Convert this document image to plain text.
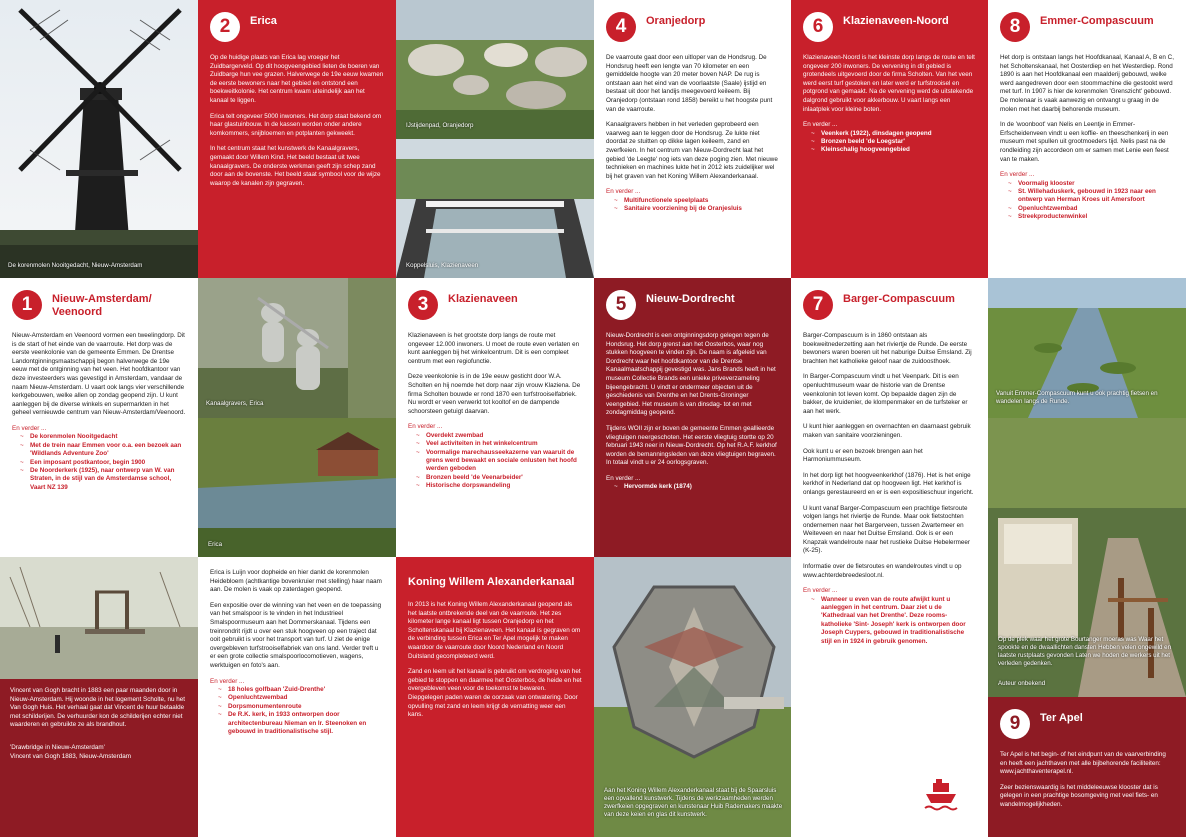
De korenmolen Nooitgedacht, Nieuw-Amsterdam
2	Erica

Op de huidige plaats van Erica lag vroeger het Zuidbargerveld. Op dit hoogveengebied lieten de boeren van Zuidbarge hun vee grazen. Halverwege de 19e eeuw kwamen de eerste bewoners naar het gebied en ontstond een boekweitkolonie. Het centrum kwam uiteindelijk aan het kanaal te liggen.

Erica telt ongeveer 5000 inwoners. Het dorp staat bekend om haar glastuinbouw. In de kassen worden onder andere komkommers, snijbloemen en potplanten gekweekt.

In het centrum staat het kunstwerk de Kanaalgravers, gemaakt door Willem Kind. Het beeld bestaat uit twee kanaalgravers. De onderste werkman geeft zijn schep zand door aan de bovenste. Het beeld staat symbool voor de wijze waarop de kanalen zijn gegraven.

IJstijdenpad, Oranjedorp
Koppelsluis, Klazienaveen
4	Oranjedorp

De vaarroute gaat door een uitloper van de Hondsrug. De Hondsrug heeft een lengte van 70 kilometer en een gemiddelde hoogte van 20 meter boven NAP. De rug is ontstaan aan het eind van de voorlaatste (Saale) ijstijd en bestaat uit door het landijs meegevoerd keileem. Bij Oranjedorp (ontstaan rond 1858) bereikt u het hoogste punt van de vaarroute.

Kanaalgravers hebben in het verleden geprobeerd een vaarweg aan te leggen door de Hondsrug. Ze lukte niet doordat ze stuitten op dikke lagen keileem, zand en zwerfkeien. In het centrum van Nieuw-Dordrecht laat het gebied 'de Leegte' nog iets van deze poging zien. Met nieuwe technieken en machines lukte het in 2012 iets zuidelijker wel bij het graven van het Koning Willem Alexanderkanaal.

En verder ...
~ Multifunctionele speelplaats
~ Sanitaire voorziening bij de Oranjesluis
6	Klazienaveen-Noord

Klazienaveen-Noord is het kleinste dorp langs de route en telt ongeveer 200 inwoners. De vervening in dit gebied is grotendeels uitgevoerd door de firma Scholten. Van het veen werd eerst turf gestoken en later werd er turfstrooisel en potgrond van gemaakt. Na de vervening werd de uitstekende dalgrond gebruikt voor akkerbouw. U vaart langs een inlaatplek voor kleine boten.

En verder ...
~ Veenkerk (1922), dinsdagen geopend
~ Bronzen beeld 'de Loegstar'
~ Kleinschalig hoogveengebied
8	Emmer-Compascuum

Het dorp is ontstaan langs het Hoofdkanaal, Kanaal A, B en C, het Scholtenskanaal, het Oosterdiep en het Westerdiep. Rond 1890 is aan het Hoofdkanaal een maalderij gebouwd, welke werd aangedreven door een stoommachine die gestookt werd met turf. In 1907 is hier de korenmolen 'Grenszicht' gebouwd. De molenaar is vaak aanwezig en ontvangt u graag in de molen met het daarbij behorende museum.

In de 'woonboot' van Nelis en Leentje in Emmer-Erfscheidenveen vindt u een koffie- en theeschenkerij in een museum met spullen uit grootmoeders tijd. Nelis past na de rondleiding zijn accordeon om er samen met Lenie een feest van te maken.

En verder ...
~ Voormalig klooster
~ St. Willehaduskerk, gebouwd in 1923 naar een ontwerp van Herman Kroes uit Amersfoort
~ Openluchtzwembad
~ Streekproductenwinkel
1	Nieuw-Amsterdam/ Veenoord

Nieuw-Amsterdam en Veenoord vormen een tweelingdorp. Dit is de start of het einde van de vaarroute. Het dorp was de eerste veenkolonie van de gemeente Emmen. De Drentse Landontginningsmaatschappij begon halverwege de 19e eeuw met de ontginning van het veen. Het hoofdkantoor van deze investeerders was gevestigd in Amsterdam, vandaar de naam Nieuw-Amsterdam. U vaart ook langs vier verschillende kerkgebouwen, welke allen op zondag geopend zijn. U kunt aanleggen bij de diverse winkels en supermarkten in het geheel vernieuwde centrum van Nieuw-Amsterdam/Veenoord.

En verder ...
~ De korenmolen Nooitgedacht
~ Met de trein naar Emmen voor o.a. een bezoek aan 'Wildlands Adventure Zoo'
~ Een imposant postkantoor, begin 1900
~ De Noorderkerk (1925), naar ontwerp van W. van Straten, in de stijl van de Amsterdamse school, Vaart NZ 139
Kanaalgravers, Erica
Erica
3	Klazienaveen

Klazienaveen is het grootste dorp langs de route met ongeveer 12.000 inwoners. U moet de route even verlaten en kunt aanleggen bij het winkelcentrum. Dit is een compleet centrum met een regiofunctie.

Deze veenkolonie is in de 19e eeuw gesticht door W.A. Scholten en hij noemde het dorp naar zijn vrouw Klaziena. De firma Scholten bouwde er rond 1870 een turfstrooiselfabriek. Nu wordt er veen verwerkt tot kooltof en de dampende schoorsteen getuigt daarvan.

En verder ...
~ Overdekt zwembad
~ Veel activiteiten in het winkelcentrum
~ Voormalige marechausseekazerne van waaruit de grens werd bewaakt en sociale onlusten het hoofd werden geboden
~ Bronzen beeld 'de Veenarbeider'
~ Historische dorpswandeling
5	Nieuw-Dordrecht

Nieuw-Dordrecht is een ontginningsdorp gelegen tegen de Hondsrug. Het dorp grenst aan het Oosterbos, waar nog stukken hoogveen te vinden zijn. De naam is afgeleid van Dordrecht waar het hoofdkantoor van de Drentse Kanaalmaatschappij gevestigd was. Jans Brands heeft in het museum Collectie Brands een unieke priveverzameling bijeengebracht. U vindt er ondermeer objecten uit de geschiedenis van Drenthe en het Drents-Groninger veengebied. Het museum is van dinsdag- tot en met zondagmiddag geopend.

Tijdens WOII zijn er boven de gemeente Emmen geallieerde vliegtuigen neergeschoten. Het eerste vliegtuig stortte op 20 februari 1943 neer in Nieuw-Dordrecht. Op het R.A.F. kerkhof worden de bemanningsleden van deze vliegtuigen begraven. In totaal vindt u er 24 oorlogsgraven.

En verder ...
~ Hervormde kerk (1874)
7	Barger-Compascuum

Barger-Compascuum is in 1860 ontstaan als boekweitnederzetting aan het riviertje de Runde. De eerste bewoners waren boeren uit het naburige Duitse Emsland. Zij brachten het katholieke geloof naar de zuidoosthoek.

In Barger-Compascuum vindt u het Veenpark. Dit is een openluchtmuseum waar de historie van de Drentse veenkolonin tot leven komt. Op bepaalde dagen zijn de bakker, de kruidenier, de klompenmaker en de turfsteker er aan het werk.

U kunt hier aanleggen en overnachten en daarnaast gebruik maken van sanitaire voorzieningen.

Ook kunt u er een bezoek brengen aan het Harmoniummuseum.

In het dorp ligt het hoogveenkerkhof (1876). Het is het enige kerkhof in Nederland dat op hoogveen ligt. Het kerkhof is onlangs gerestaureerd en er is een expositieschuur ingericht.

U kunt vanaf Barger-Compascuum een prachtige fietsroute volgen langs het riviertje de Runde. Maar ook fietstochten ondernemen naar het Bargerveen, tussen Zwartemeer en Weiteveen en naar het Duitse Emsland. Ook is er een Knapzak wandelroute naar het rustieke Duitse Hebelermeer (K-25).

Informatie over de fietsroutes en wandelroutes vindt u op www.achterdebreedesloot.nl.

En verder ...
~ Wanneer u even van de route afwijkt kunt u aanleggen in het centrum. Daar ziet u de 'Kathedraal van het Drenthe'. Deze rooms-katholieke 'Sint- Joseph' kerk is ontworpen door Joseph Cuypers, gebouwd in traditionalistische stijl en in 1924 in gebruik genomen.
Vanuit Emmer-Compascuum kunt u ook prachtig fietsen en wandelen langs de Runde.
Op de plek waar het grote Bourtanger moeras was Waar het spookte en de dwaallichten dansten Hebben velen ongewild en laatste rustplaats gevonden Laten we hoden de werkers uit het verleden gedenken.
Auteur onbekend

Vincent van Gogh bracht in 1883 een paar maanden door in Nieuw-Amsterdam. Hij woonde in het logement Scholte, nu het Van Gogh Huis. Het verhaal gaat dat Vincent de huur betaalde met schilderijen. De verhuurder kon de schilderijen echter niet waarderen en gebruikte ze als brandhout.

'Drawbridge in Nieuw-Amsterdam'

Vincent van Gogh 1883, Nieuw-Amsterdam

Erica is Luijn voor dopheide en hier dankt de korenmolen Heidebloem (achtkantige bovenkruier met stelling) haar naam aan. De molen is vaak op zaterdagen geopend.

Een expositie over de winning van het veen en de toepassing van het smalspoor is te vinden in het Industrieel Smalspoormuseum aan het Dommerskanaal. Tijdens een treinrondrit rijdt u over een stuk hoogveen op een traject dat ooit gebruikt is voor het transport van turf. U ziet de enige overgebleven turfstrooiselfabriek van ons land. Verder treft u er een grote collectie smalspoorlocomotieven, wagens, werktuigen en foto's aan.

En verder ...
~ 18 holes golfbaan 'Zuid-Drenthe'
~ Openluchtzwembad
~ Dorpsmonumentenroute
~ De R.K. kerk, in 1933 ontworpen door architectenbureau Nieman en Ir. Steenoken en gebouwd in traditionalistische stijl.
Koning Willem Alexanderkanaal

In 2013 is het Koning Willem Alexanderkanaal geopend als het laatste ontbrekende deel van de vaarroute. Het zes kilometer lange kanaal ligt tussen Oranjedorp en het Scholtenskanaal bij Klazienaveen. Het kanaal is gegraven om de verbinding tussen Erica en Ter Apel mogelijk te maken waardoor de vaarroute door Noord Nederland en Noord Duitsland gecompleteerd werd.

Zand en leem uit het kanaal is gebruikt om verdroging van het gebied te stoppen en daarmee het Oosterbos, de heide en het overgebleven veen voor de toekomst te bewaren. Diepgelegen paden waren de oorzaak van ontwatering. Door opvulling met zand en leem krijgt de vernatting weer een kans.

Aan het Koning Willem Alexanderkanaal staat bij de Spaarsluis een opvallend kunstwerk. Tijdens de werkzaamheden werden zwerfkeien opgegraven en kunstenaar Huib Rademakers maakte van deze keien en glas dit kunstwerk.
9	Ter Apel

Ter Apel is het begin- of het eindpunt van de vaarverbinding en heeft een jachthaven met alle bijbehorende faciliteiten: www.jachthaventerapel.nl.

Zeer bezienswaardig is het middeleeuwse klooster dat is gelegen in een prachtige bosomgeving met veel fiets- en wandelmogelijkheden.
